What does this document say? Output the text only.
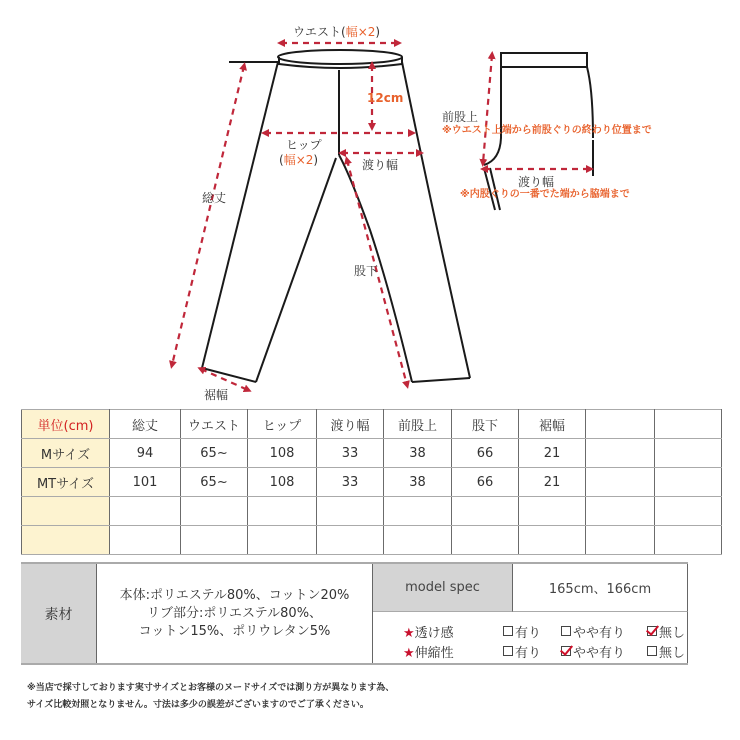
ウエスト(幅×2)
12cm
ヒップ
(幅×2)	渡り幅
総丈
股下
裾幅
前股上
※ウエスト上端から前股ぐりの終わり位置まで
渡り幅
※内股ぐりの一番でた端から脇端まで
単位(cm)	総丈	ウエスト	ヒップ	渡り幅	前股上	股下	裾幅		
Mサイズ	94	65~	108	33	38	66	21		
MTサイズ	101	65~	108	33	38	66	21		

素材
本体:ポリエステル80%、コットン20%
リブ部分:ポリエステル80%、
コットン15%、ポリウレタン5%
model spec	165cm、166cm
★透け感	有り やや有り	無し
★伸縮性	有り やや有り	無し
※当店で採寸しております実寸サイズとお客様のヌードサイズでは測り方が異なります為、
サイズ比較対照となりません。寸法は多少の誤差がございますのでご了承ください。
